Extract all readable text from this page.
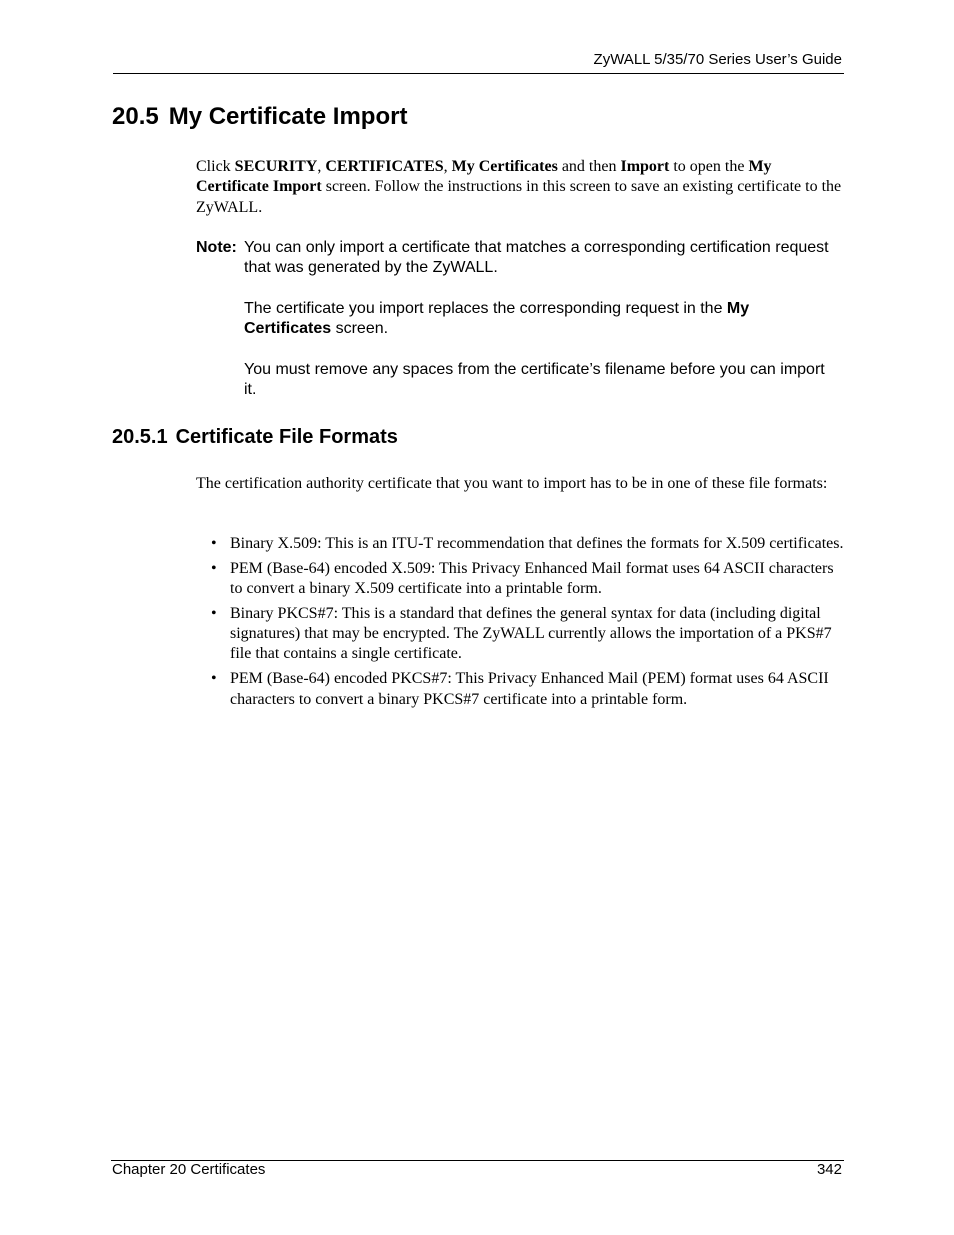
ZyWALL 5/35/70 Series User’s Guide
20.5 My Certificate Import

Click SECURITY, CERTIFICATES, My Certificates and then Import to open the My Certificate Import screen. Follow the instructions in this screen to save an existing certificate to the ZyWALL.

Note: You can only import a certificate that matches a corresponding certification request that was generated by the ZyWALL.

The certificate you import replaces the corresponding request in the My Certificates screen.

You must remove any spaces from the certificate’s filename before you can import it.

20.5.1 Certificate File Formats

The certification authority certificate that you want to import has to be in one of these file formats:

• Binary X.509: This is an ITU-T recommendation that defines the formats for X.509 certificates.
• PEM (Base-64) encoded X.509: This Privacy Enhanced Mail format uses 64 ASCII characters to convert a binary X.509 certificate into a printable form.
• Binary PKCS#7: This is a standard that defines the general syntax for data (including digital signatures) that may be encrypted. The ZyWALL currently allows the importation of a PKS#7 file that contains a single certificate.
• PEM (Base-64) encoded PKCS#7: This Privacy Enhanced Mail (PEM) format uses 64 ASCII characters to convert a binary PKCS#7 certificate into a printable form.
Chapter 20 Certificates	342
